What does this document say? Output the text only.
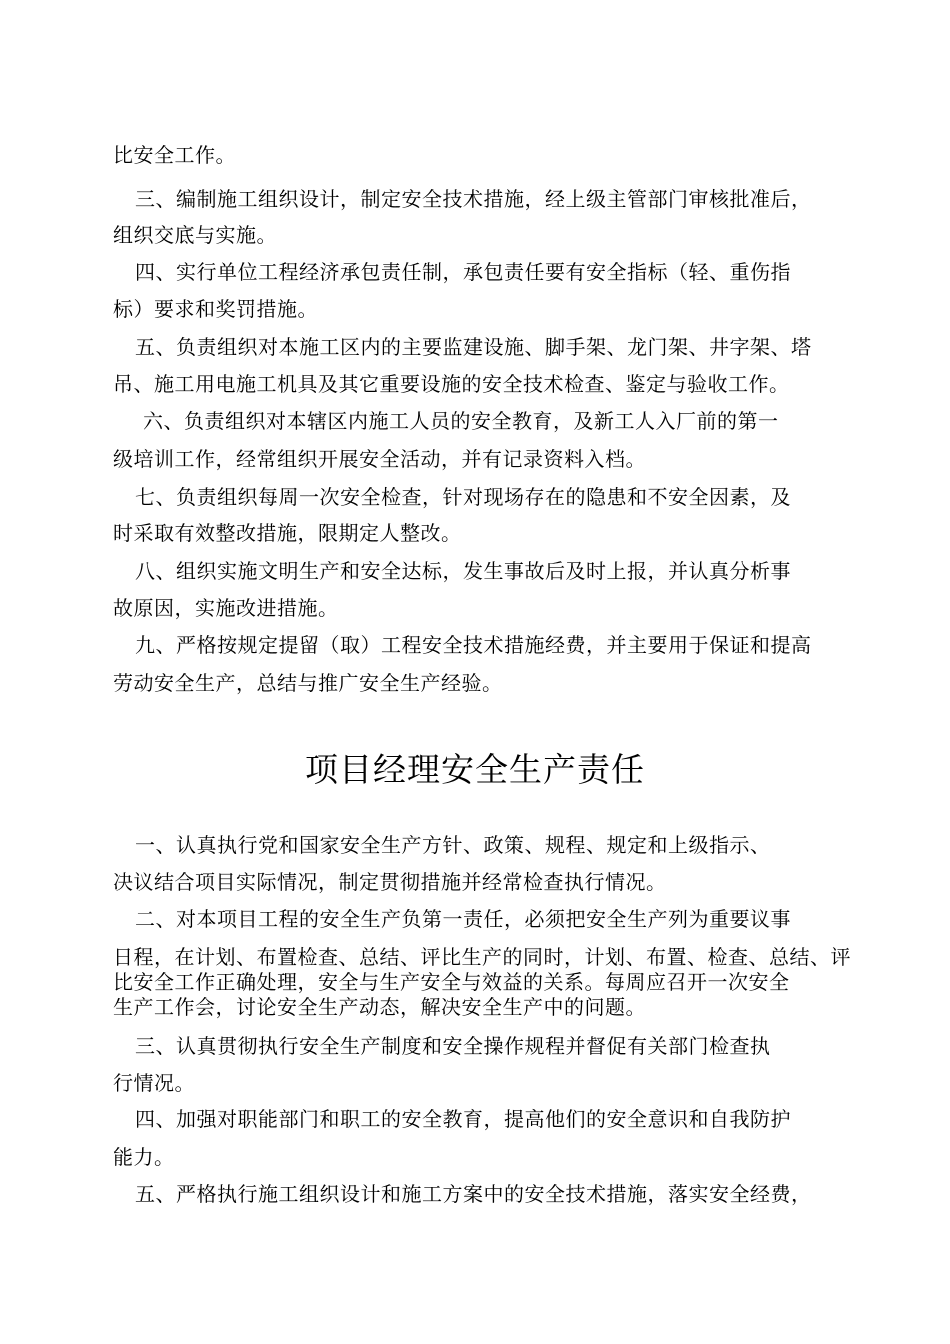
比安全工作。
三、编制施工组织设计，制定安全技术措施，经上级主管部门审核批准后，
组织交底与实施。
四、实行单位工程经济承包责任制，承包责任要有安全指标（轻、重伤指
标）要求和奖罚措施。
五、负责组织对本施工区内的主要监建设施、脚手架、龙门架、井字架、塔
吊、施工用电施工机具及其它重要设施的安全技术检查、鉴定与验收工作。
六、负责组织对本辖区内施工人员的安全教育，及新工人入厂前的第一
级培训工作，经常组织开展安全活动，并有记录资料入档。
七、负责组织每周一次安全检查，针对现场存在的隐患和不安全因素，及
时采取有效整改措施，限期定人整改。
八、组织实施文明生产和安全达标，发生事故后及时上报，并认真分析事
故原因，实施改进措施。
九、严格按规定提留（取）工程安全技术措施经费，并主要用于保证和提高
劳动安全生产，总结与推广安全生产经验。
项目经理安全生产责任
一、认真执行党和国家安全生产方针、政策、规程、规定和上级指示、
决议结合项目实际情况，制定贯彻措施并经常检查执行情况。
二、对本项目工程的安全生产负第一责任，必须把安全生产列为重要议事
日程，在计划、布置检查、总结、评比生产的同时，计划、布置、检查、总结、评
比安全工作正确处理，安全与生产安全与效益的关系。每周应召开一次安全
生产工作会，讨论安全生产动态，解决安全生产中的问题。
三、认真贯彻执行安全生产制度和安全操作规程并督促有关部门检查执
行情况。
四、加强对职能部门和职工的安全教育，提高他们的安全意识和自我防护
能力。
五、严格执行施工组织设计和施工方案中的安全技术措施，落实安全经费，
